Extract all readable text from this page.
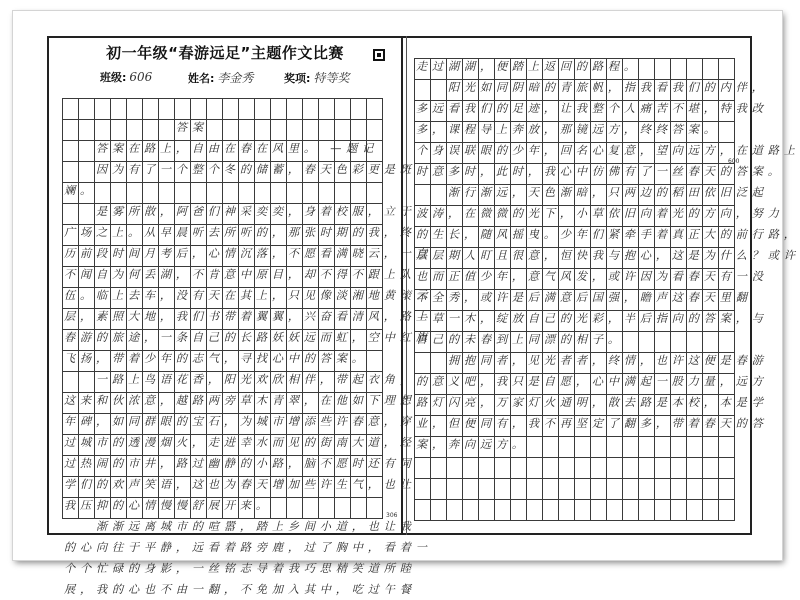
初一年级“春游远足”主题作文比赛
班级: 606	姓名: 李金秀	奖项: 特等奖
　　　　　　　答案
　　答案在路上，自由在春在风里。　—题记
　　因为有了一个整个冬的储蓄，春天色彩更是斑
斓。
　　是雾所散，阿爸们神采奕奕，身着校服，立于
广场之上。从早晨听去所听的，那张时期的我，终
历前段时间月考后，心情沉落，不愿看满晓云，一直
不闻自为何丢湖，不肯意中原目，却不得不跟上队
伍。临上去车，没有天在其上，只见像淡湘地黄滚云
层，素照大地，我们书带着翼翼，兴奋看清风，路上
春游的旅途，一条自己的长路妖妖远而虹，空中红旗
飞扬，带着少年的志气，寻找心中的答案。
　　一路上鸟语花香，阳光欢欣相伴，带起衣角，
这来和伙浓意，越路两旁草木青翠，在他如下理想
年碑，如同群眼的宝石，为城市增添些许春意，穿
过城市的透漫烟火，走进幸水而见的街南大道，经
过热闹的市井，路过幽静的小路，脑不愿时还有同
学们的欢声笑语，这也为春天增加些许生气，也让
我压抑的心情慢慢舒展开来。
　　渐渐远离城市的喧嚣，踏上乡间小道，也让我
的心向往于平静，远看着路旁鹿，过了胸中，看着一
个个忙碌的身影，一丝铭志导着我巧思精笑道所睦
展，我的心也不由一翻，不免加入其中，吃过午餐
走过湖湖，便踏上返回的路程。
　　阳光如同阴暗的青旅帆，指我看我们的内伴，
多远看我们的足迹，让我整个人痛苦不堪，特我改
多，课程导上奔放，那镜远方，终终答案。
个身误联眼的少年，回名心复意，望向远方，在道路上
时意多时，此时，我心中仿佛有了一丝春天的答案。
　　渐行渐远，天色渐暗，只两边的稻田依旧泛起
波涛，在微微的光下，小草依旧向着光的方向，努力
的生长，随风摇曳。少年们紧牵手着真正大的前行路，
层层期人盯且很意，恒快我与抱心，这是为什么？或许
也而正值少年，意气风发，或许因为看春天有一没
不全秀，或许是后满意后国强，瞻声这春天里翻
一草一木，绽放自己的光彩，半后指向的答案，与
自己的未春到上同漂的相子。
　　拥抱同者，见光者者，终情，也许这便是春游
的意义吧，我只是自愿，心中满起一股力量，远方
路灯闪亮，万家灯火通明，散去路是本校，本是学
业，但便同有，我不再坚定了翻多，带着春天的答
案，奔向远方。
306
600
